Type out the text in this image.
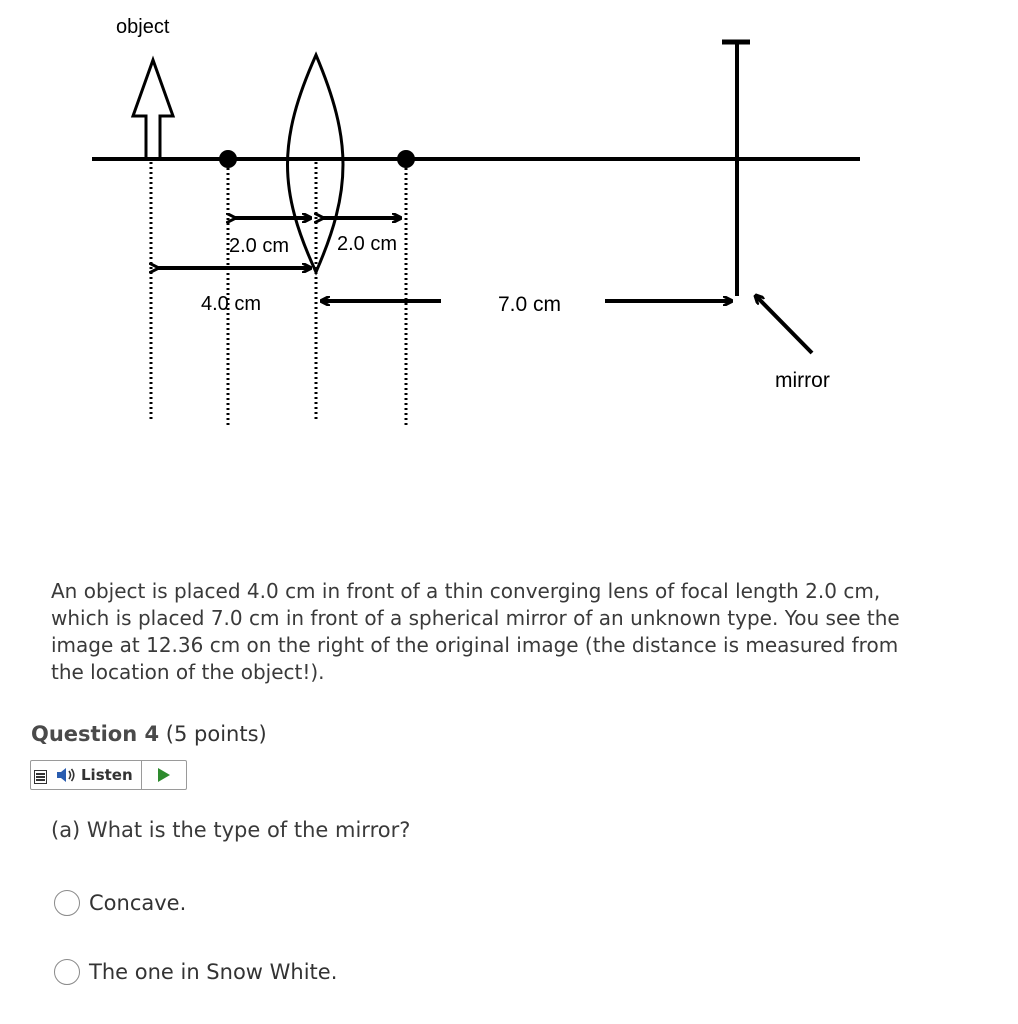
object
2.0 cm 2.0 cm
4.0 cm	7.0 cm
mirror
An object is placed 4.0 cm in front of a thin converging lens of focal length 2.0 cm, which is placed 7.0 cm in front of a spherical mirror of an unknown type. You see the image at 12.36 cm on the right of the original image (the distance is measured from the location of the object!).
Question 4 (5 points)
Listen
(a) What is the type of the mirror?
Concave.
The one in Snow White.
